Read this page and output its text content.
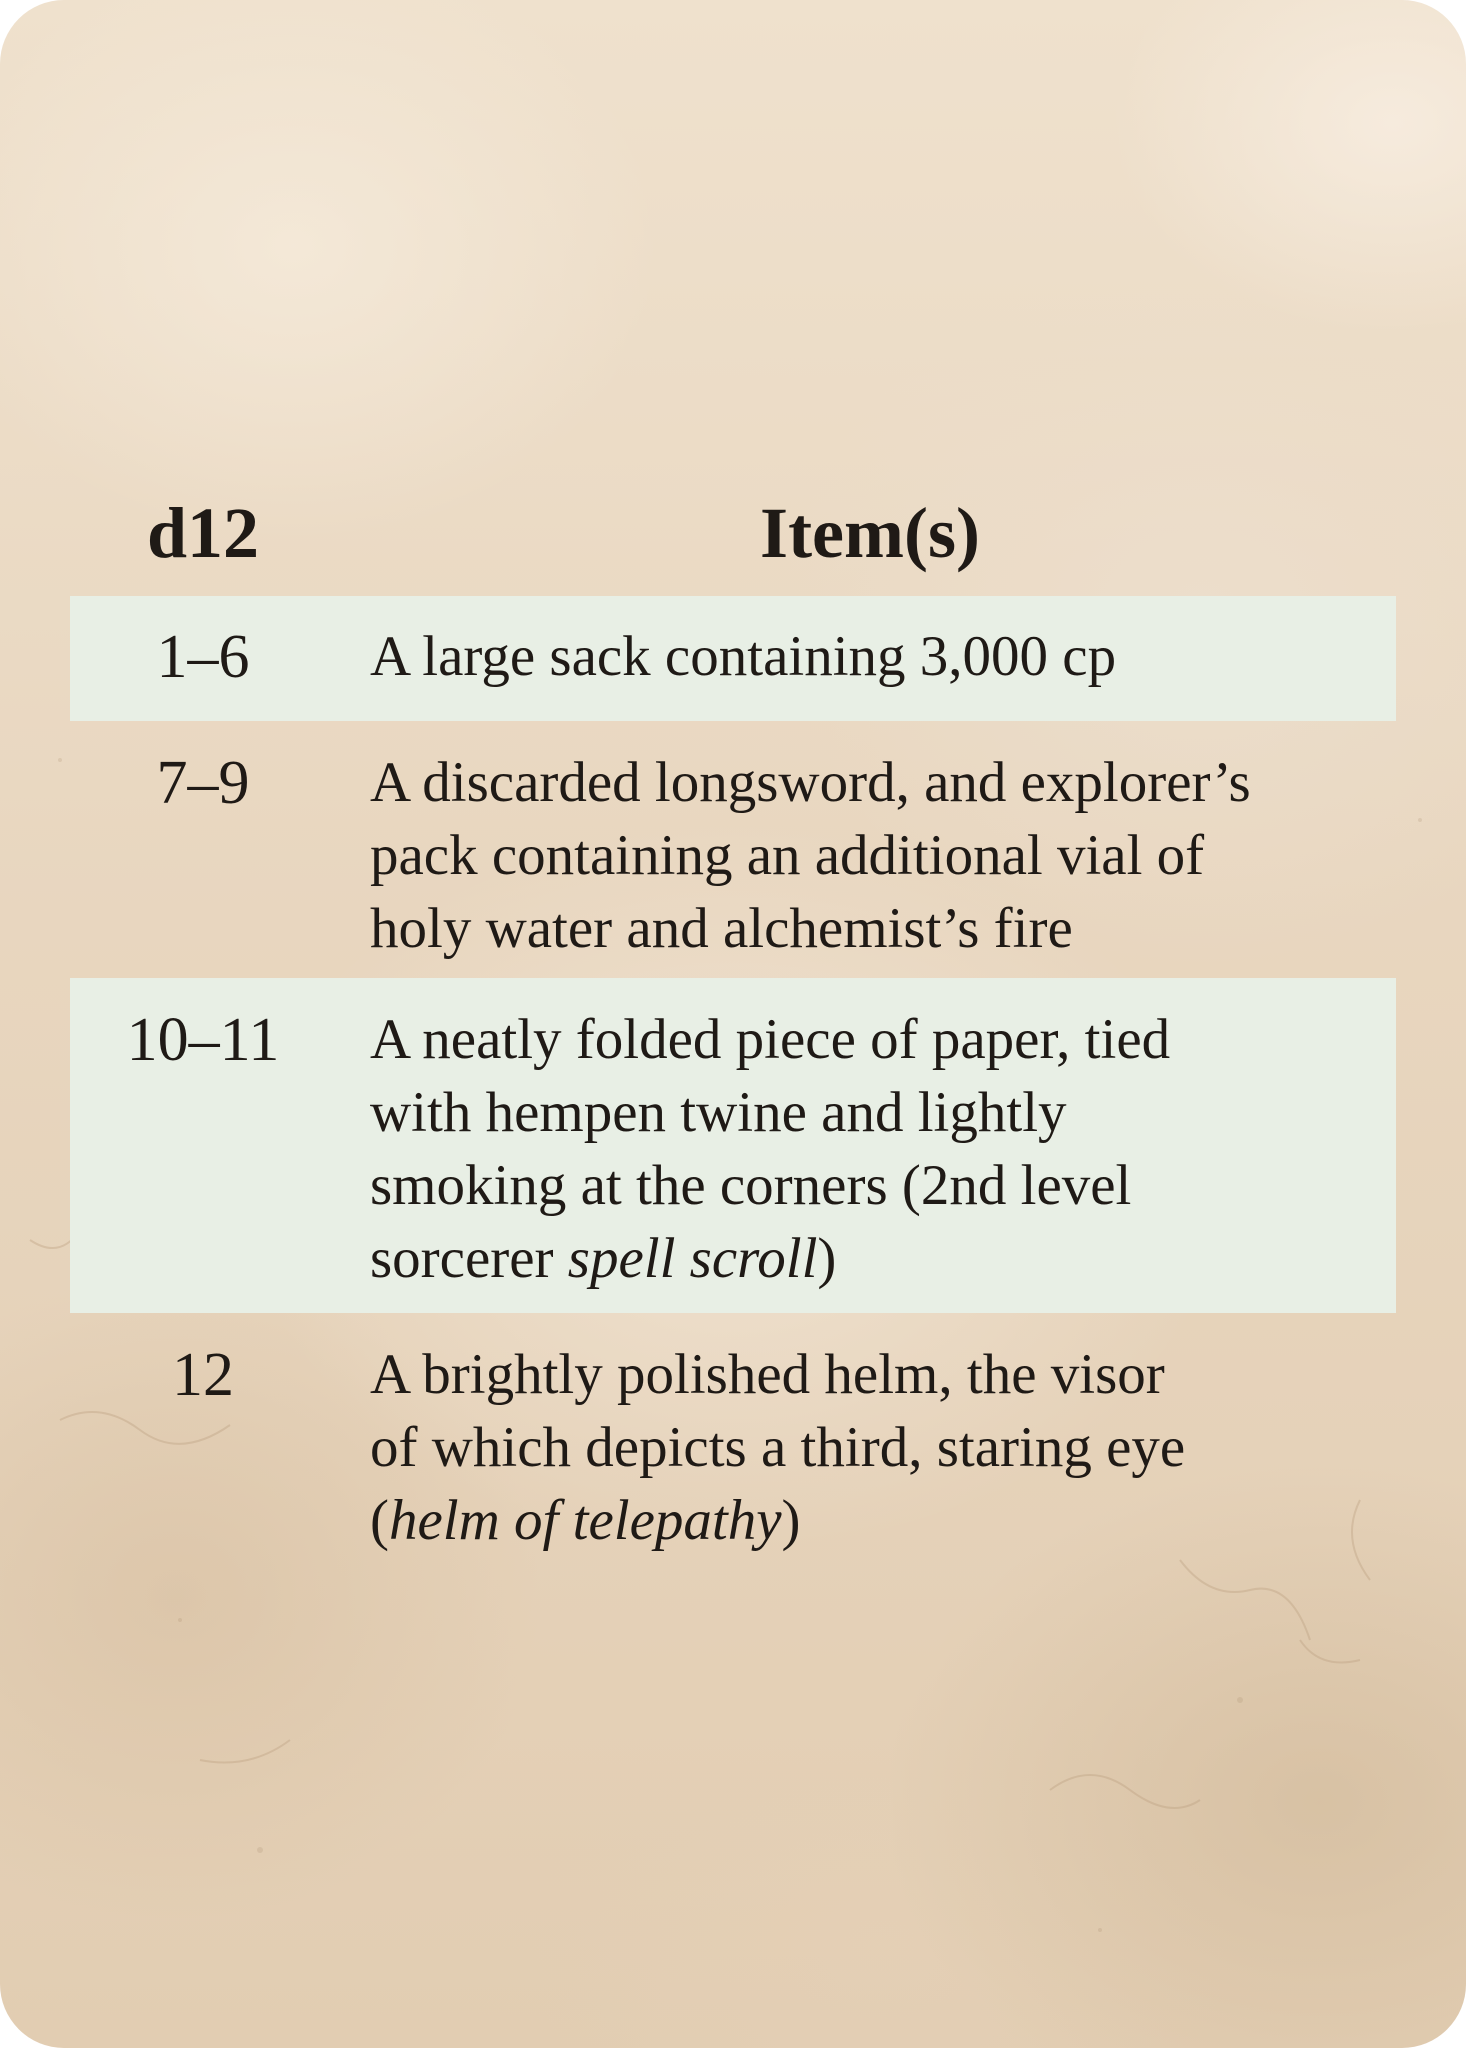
d12	Item(s)
1–6	A large sack containing 3,000 cp
7–9	A discarded longsword, and explorer’s
pack containing an additional vial of
holy water and alchemist’s fire
10–11	A neatly folded piece of paper, tied
with hempen twine and lightly
smoking at the corners (2nd level
sorcerer spell scroll)
12	A brightly polished helm, the visor
of which depicts a third, staring eye
(helm of telepathy)
